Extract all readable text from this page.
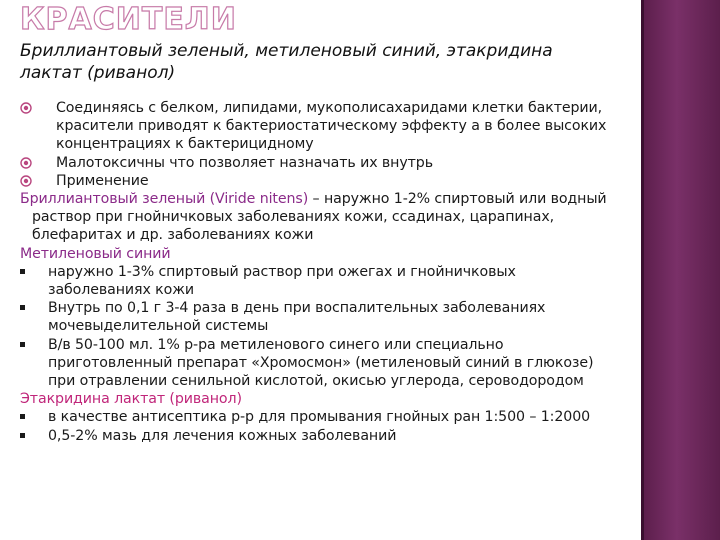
КРАСИТЕЛИ
Бриллиантовый зеленый, метиленовый синий, этакридина лактат (риванол)
Соединяясь с белком, липидами, мукополисахаридами клетки бактерии, красители приводят к бактериостатическому эффекту а в более высоких концентрациях к бактерицидному
Малотоксичны что позволяет назначать их внутрь
Применение
Бриллиантовый зеленый (Viride nitens) – наружно 1-2% спиртовый или водный раствор при гнойничковых заболеваниях кожи, ссадинах, царапинах, блефаритах и др. заболеваниях кожи
Метиленовый синий
наружно 1-3% спиртовый раствор при ожегах и гнойничковых заболеваниях кожи
Внутрь по 0,1 г 3-4 раза в день при воспалительных заболеваниях мочевыделительной системы
В/в 50-100 мл. 1% р-ра метиленового синего или специально приготовленный препарат «Хромосмон» (метиленовый синий в глюкозе) при отравлении сенильной кислотой, окисью углерода, сероводородом
Этакридина лактат (риванол)
в качестве антисептика р-р для промывания гнойных ран 1:500 – 1:2000
0,5-2% мазь для лечения кожных заболеваний
